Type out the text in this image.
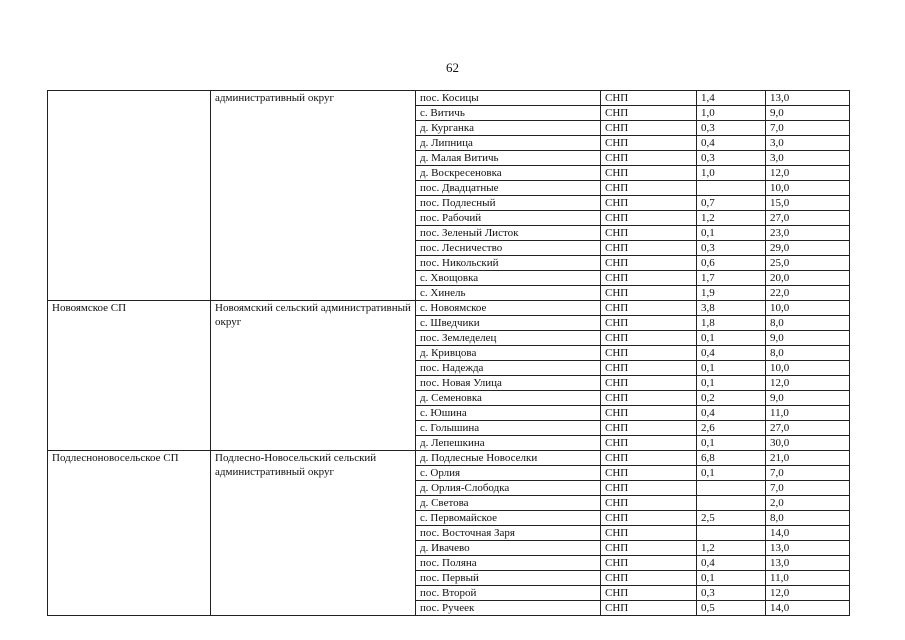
62
	административный округ	пос. Косицы	СНП	1,4	13,0
		с. Витичь	СНП	1,0	9,0
		д. Курганка	СНП	0,3	7,0
		д. Липница	СНП	0,4	3,0
		д. Малая Витичь	СНП	0,3	3,0
		д. Воскресеновка	СНП	1,0	12,0
		пос. Двадцатные	СНП		10,0
		пос. Подлесный	СНП	0,7	15,0
		пос. Рабочий	СНП	1,2	27,0
		пос. Зеленый Листок	СНП	0,1	23,0
		пос. Лесничество	СНП	0,3	29,0
		пос. Никольский	СНП	0,6	25,0
		с. Хвощовка	СНП	1,7	20,0
		с. Хинель	СНП	1,9	22,0
Новоямское СП	Новоямский сельский административный округ	с. Новоямское	СНП	3,8	10,0
		с. Шведчики	СНП	1,8	8,0
		пос. Земледелец	СНП	0,1	9,0
		д. Кривцова	СНП	0,4	8,0
		пос. Надежда	СНП	0,1	10,0
		пос. Новая Улица	СНП	0,1	12,0
		д. Семеновка	СНП	0,2	9,0
		с. Юшина	СНП	0,4	11,0
		с. Голышина	СНП	2,6	27,0
		д. Лепешкина	СНП	0,1	30,0
Подлесноновосельское СП	Подлесно-Новосельский сельский административный округ	д. Подлесные Новоселки	СНП	6,8	21,0
		с. Орлия	СНП	0,1	7,0
		д. Орлия-Слободка	СНП		7,0
		д. Светова	СНП		2,0
		с. Первомайское	СНП	2,5	8,0
		пос. Восточная Заря	СНП		14,0
		д. Ивачево	СНП	1,2	13,0
		пос. Поляна	СНП	0,4	13,0
		пос. Первый	СНП	0,1	11,0
		пос. Второй	СНП	0,3	12,0
		пос. Ручеек	СНП	0,5	14,0
